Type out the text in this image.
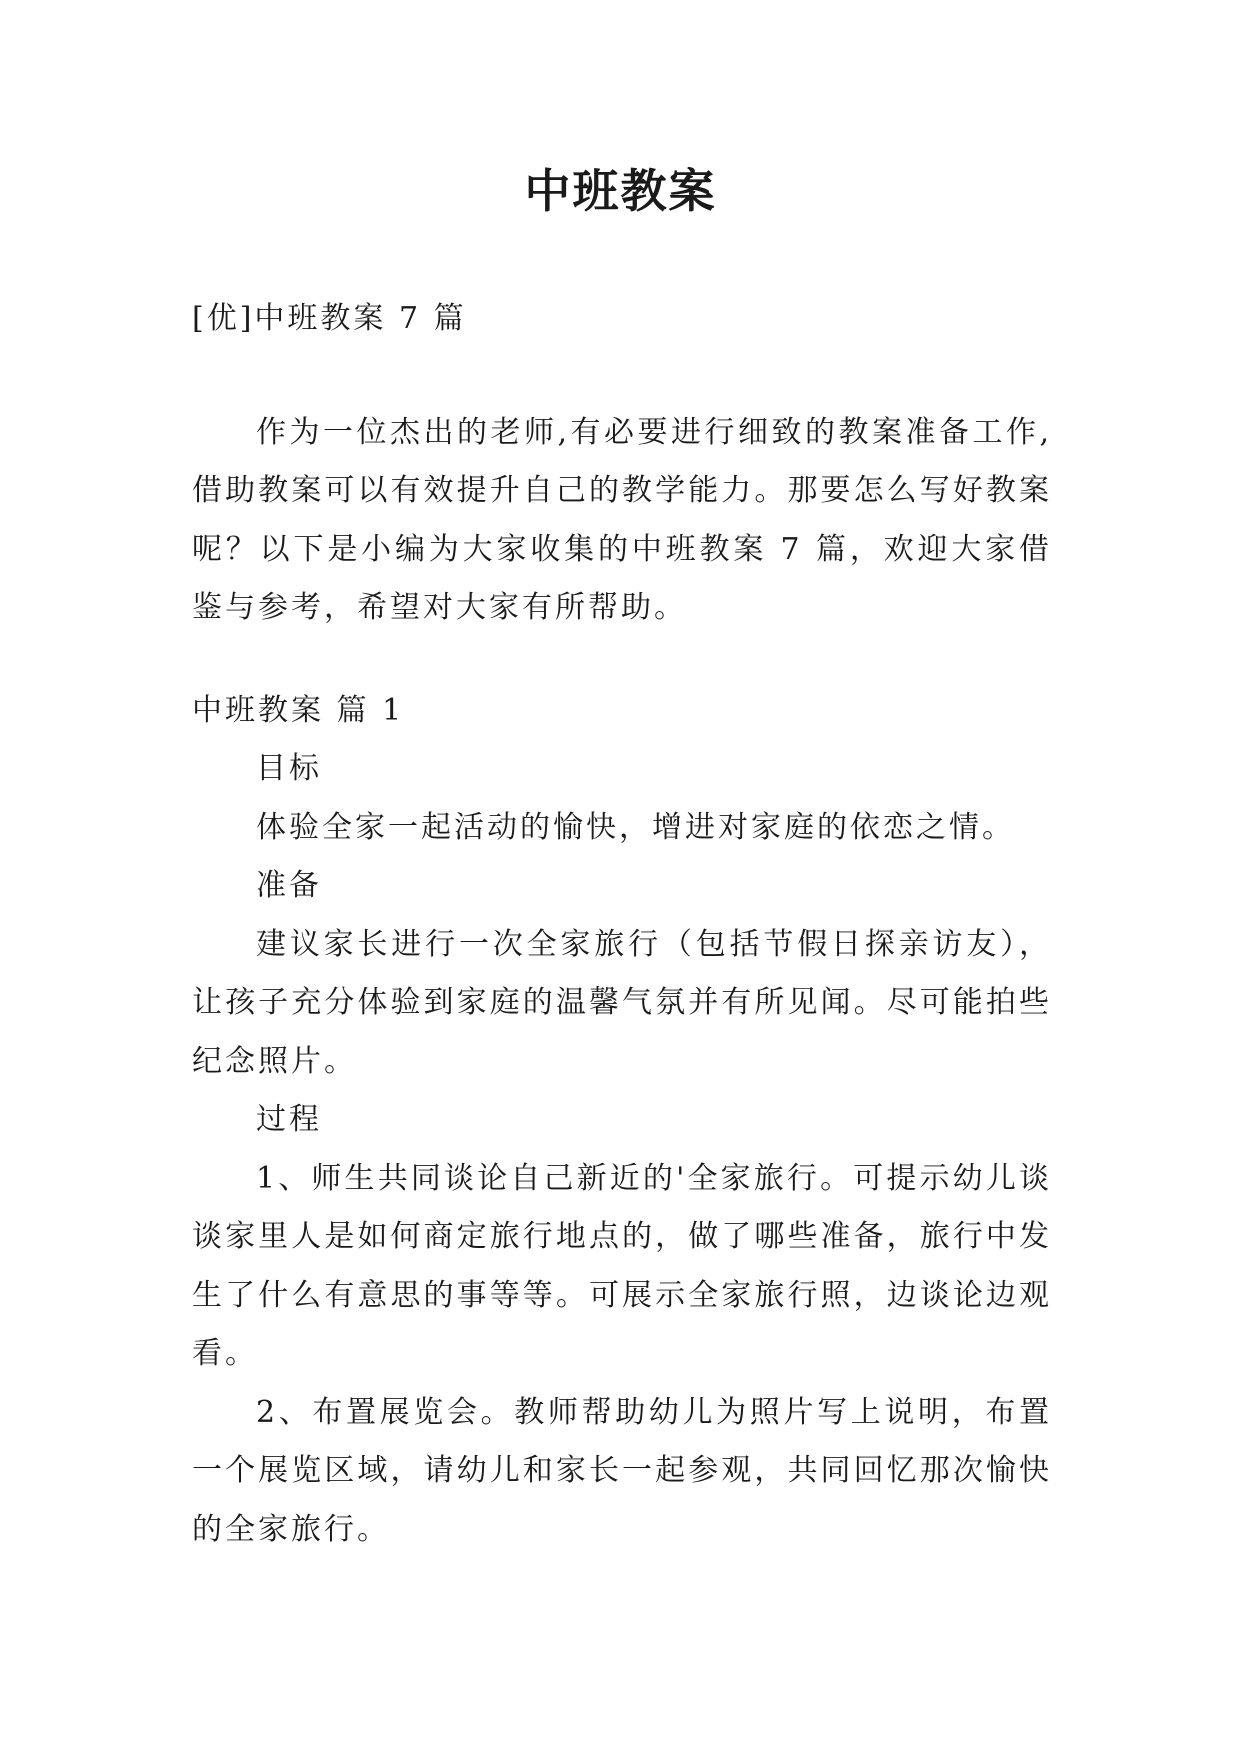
中班教案

[优]中班教案 7 篇

作为一位杰出的老师,有必要进行细致的教案准备工作,借助教案可以有效提升自己的教学能力。那要怎么写好教案呢？以下是小编为大家收集的中班教案 7 篇，欢迎大家借鉴与参考，希望对大家有所帮助。

中班教案 篇 1

目标

体验全家一起活动的愉快，增进对家庭的依恋之情。

准备

建议家长进行一次全家旅行（包括节假日探亲访友），让孩子充分体验到家庭的温馨气氛并有所见闻。尽可能拍些纪念照片。

过程

1、师生共同谈论自己新近的'全家旅行。可提示幼儿谈谈家里人是如何商定旅行地点的，做了哪些准备，旅行中发生了什么有意思的事等等。可展示全家旅行照，边谈论边观看。

2、布置展览会。教师帮助幼儿为照片写上说明，布置一个展览区域，请幼儿和家长一起参观，共同回忆那次愉快的全家旅行。
